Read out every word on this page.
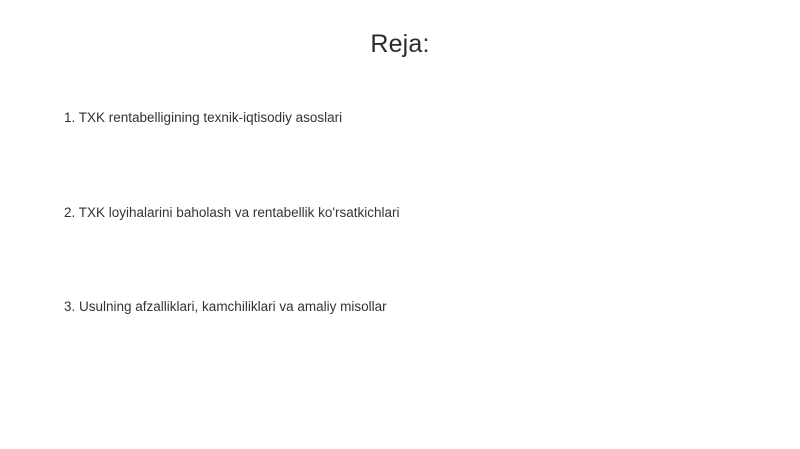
Reja:
1. TXK rentabelligining texnik-iqtisodiy asoslari
2. TXK loyihalarini baholash va rentabellik ko'rsatkichlari
3. Usulning afzalliklari, kamchiliklari va amaliy misollar
